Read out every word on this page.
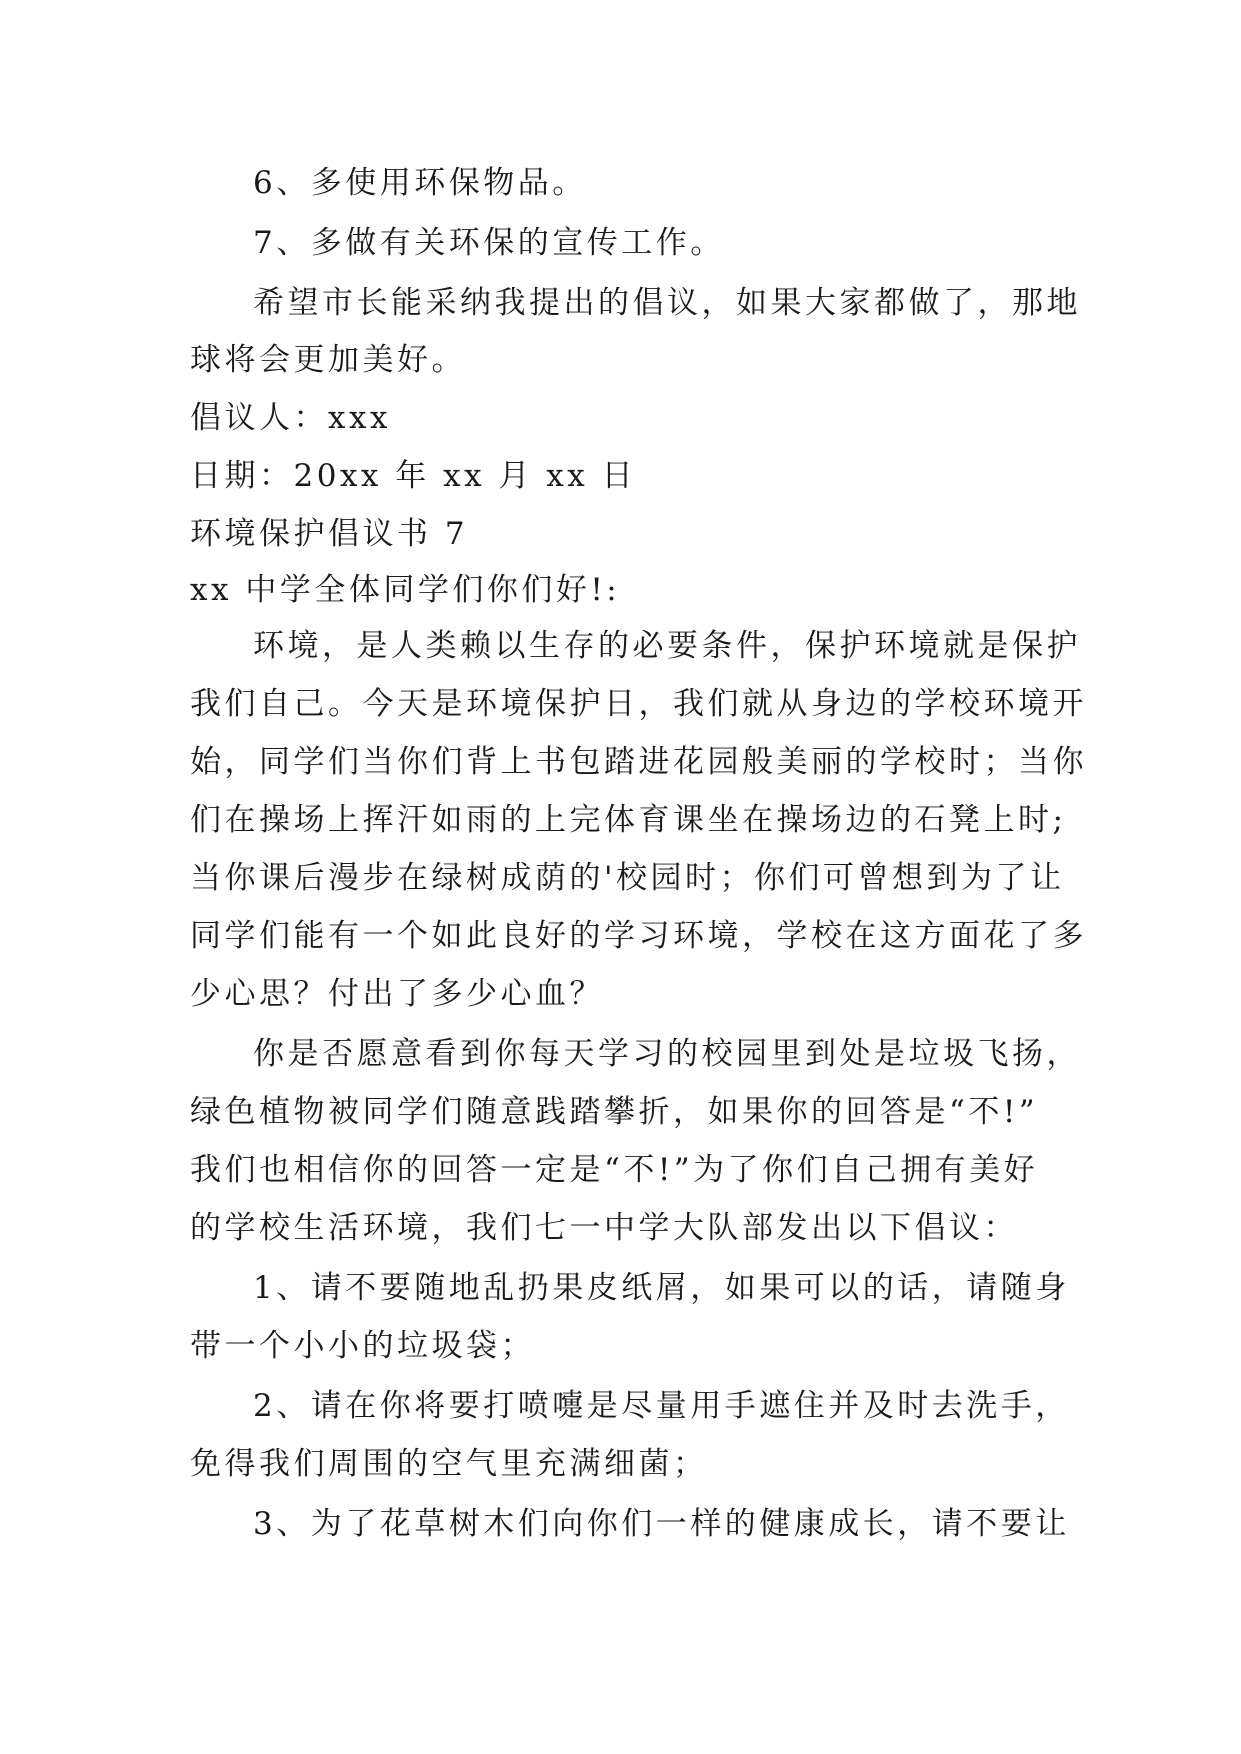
6、多使用环保物品。
7、多做有关环保的宣传工作。
希望市长能采纳我提出的倡议，如果大家都做了，那地
球将会更加美好。
倡议人：xxx
日期：20xx 年 xx 月 xx 日
环境保护倡议书 7
xx 中学全体同学们你们好!:
环境，是人类赖以生存的必要条件，保护环境就是保护
我们自己。今天是环境保护日，我们就从身边的学校环境开
始，同学们当你们背上书包踏进花园般美丽的学校时；当你
们在操场上挥汗如雨的上完体育课坐在操场边的石凳上时;
当你课后漫步在绿树成荫的'校园时；你们可曾想到为了让
同学们能有一个如此良好的学习环境，学校在这方面花了多
少心思？付出了多少心血？
你是否愿意看到你每天学习的校园里到处是垃圾飞扬，
绿色植物被同学们随意践踏攀折，如果你的回答是“不!”
我们也相信你的回答一定是“不!”为了你们自己拥有美好
的学校生活环境，我们七一中学大队部发出以下倡议：
1、请不要随地乱扔果皮纸屑，如果可以的话，请随身
带一个小小的垃圾袋；
2、请在你将要打喷嚏是尽量用手遮住并及时去洗手，
免得我们周围的空气里充满细菌；
3、为了花草树木们向你们一样的健康成长，请不要让
